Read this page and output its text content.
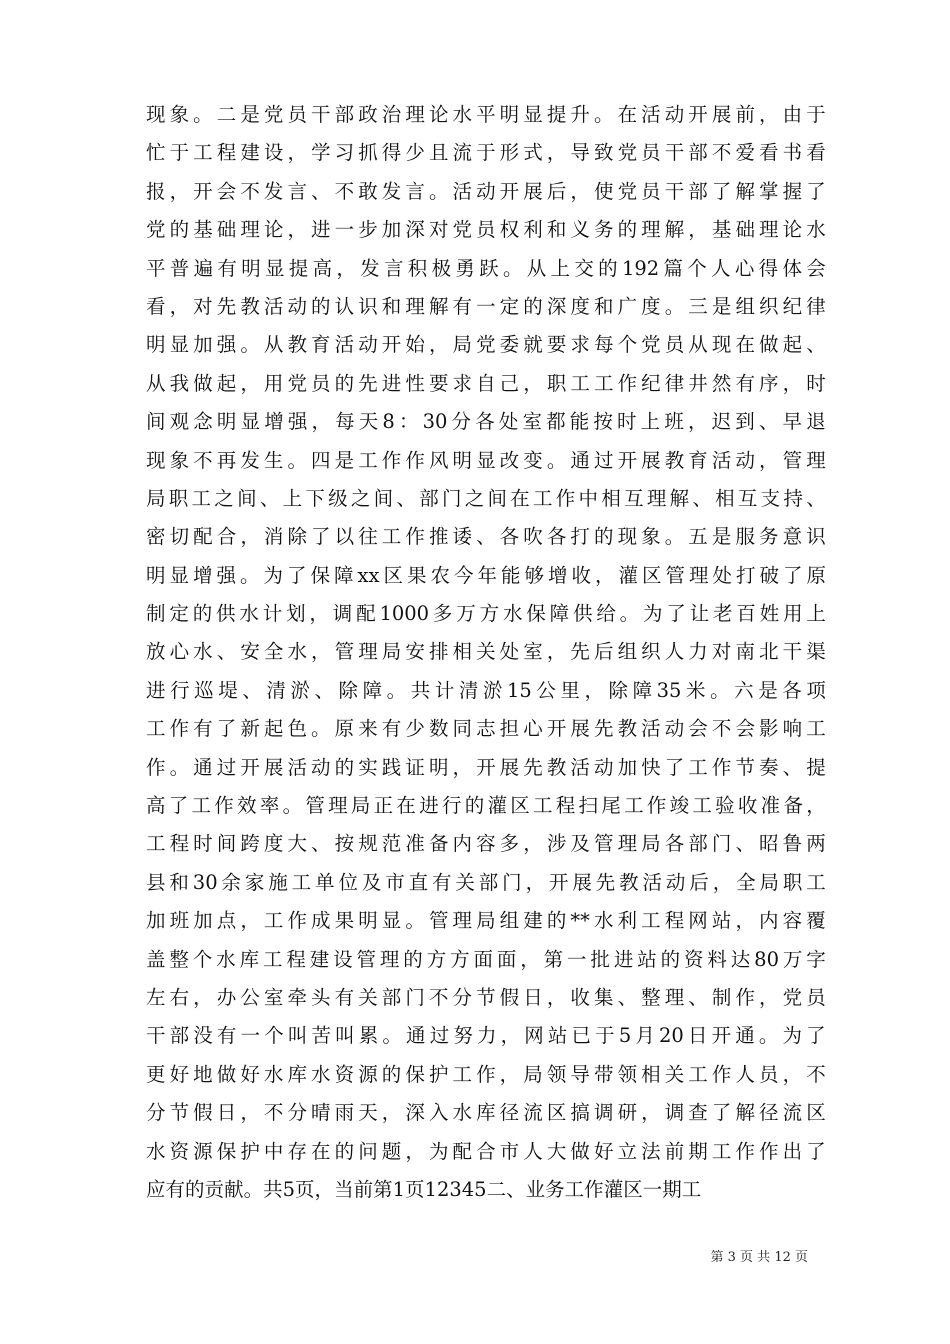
现 象 。 二 是 党 员 干 部 政 治 理 论 水 平 明 显 提 升 。 在 活 动 开 展 前 ， 由 于
忙 于 工 程 建 设 ， 学 习 抓 得 少 且 流 于 形 式 ， 导 致 党 员 干 部 不 爱 看 书 看
报 ， 开 会 不 发 言 、 不 敢 发 言 。 活 动 开 展 后 ， 使 党 员 干 部 了 解 掌 握 了
党 的 基 础 理 论 ， 进 一 步 加 深 对 党 员 权 利 和 义 务 的 理 解 ， 基 础 理 论 水
平 普 遍 有 明 显 提 高 ， 发 言 积 极 勇 跃 。 从 上 交 的 192 篇 个 人 心 得 体 会
看 ， 对 先 教 活 动 的 认 识 和 理 解 有 一 定 的 深 度 和 广 度 。 三 是 组 织 纪 律
明 显 加 强 。 从 教 育 活 动 开 始 ， 局 党 委 就 要 求 每 个 党 员 从 现 在 做 起 、
从 我 做 起 ， 用 党 员 的 先 进 性 要 求 自 己 ， 职 工 工 作 纪 律 井 然 有 序 ， 时
间 观 念 明 显 增 强 ， 每 天 8 ： 30 分 各 处 室 都 能 按 时 上 班 ， 迟 到 、 早 退
现 象 不 再 发 生 。 四 是 工 作 作 风 明 显 改 变 。 通 过 开 展 教 育 活 动 ， 管 理
局 职 工 之 间 、 上 下 级 之 间 、 部 门 之 间 在 工 作 中 相 互 理 解 、 相 互 支 持 、
密 切 配 合 ， 消 除 了 以 往 工 作 推 诿 、 各 吹 各 打 的 现 象 。 五 是 服 务 意 识
明 显 增 强 。 为 了 保 障 xx 区 果 农 今 年 能 够 增 收 ， 灌 区 管 理 处 打 破 了 原
制 定 的 供 水 计 划 ， 调 配 1000 多 万 方 水 保 障 供 给 。 为 了 让 老 百 姓 用 上
放 心 水 、 安 全 水 ， 管 理 局 安 排 相 关 处 室 ， 先 后 组 织 人 力 对 南 北 干 渠
进 行 巡 堤 、 清 淤 、 除 障 。 共 计 清 淤 15 公 里 ， 除 障 35 米 。 六 是 各 项
工 作 有 了 新 起 色 。 原 来 有 少 数 同 志 担 心 开 展 先 教 活 动 会 不 会 影 响 工
作 。 通 过 开 展 活 动 的 实 践 证 明 ， 开 展 先 教 活 动 加 快 了 工 作 节 奏 、 提
高 了 工 作 效 率 。 管 理 局 正 在 进 行 的 灌 区 工 程 扫 尾 工 作 竣 工 验 收 准 备 ，
工 程 时 间 跨 度 大 、 按 规 范 准 备 内 容 多 ， 涉 及 管 理 局 各 部 门 、 昭 鲁 两
县 和 30 余 家 施 工 单 位 及 市 直 有 关 部 门 ， 开 展 先 教 活 动 后 ， 全 局 职 工
加 班 加 点 ， 工 作 成 果 明 显 。 管 理 局 组 建 的 ** 水 利 工 程 网 站 ， 内 容 覆
盖 整 个 水 库 工 程 建 设 管 理 的 方 方 面 面 ， 第 一 批 进 站 的 资 料 达 80 万 字
左 右 ， 办 公 室 牵 头 有 关 部 门 不 分 节 假 日 ， 收 集 、 整 理 、 制 作 ， 党 员
干 部 没 有 一 个 叫 苦 叫 累 。 通 过 努 力 ， 网 站 已 于 5 月 20 日 开 通 。 为 了
更 好 地 做 好 水 库 水 资 源 的 保 护 工 作 ， 局 领 导 带 领 相 关 工 作 人 员 ， 不
分 节 假 日 ， 不 分 晴 雨 天 ， 深 入 水 库 径 流 区 搞 调 研 ， 调 查 了 解 径 流 区
水 资 源 保 护 中 存 在 的 问 题 ， 为 配 合 市 人 大 做 好 立 法 前 期 工 作 作 出 了
应 有 的 贡 献 。 共 5 页 ， 当 前 第 1 页 12345 二 、 业 务 工 作 灌 区 一 期 工
第 3 页 共 12 页
